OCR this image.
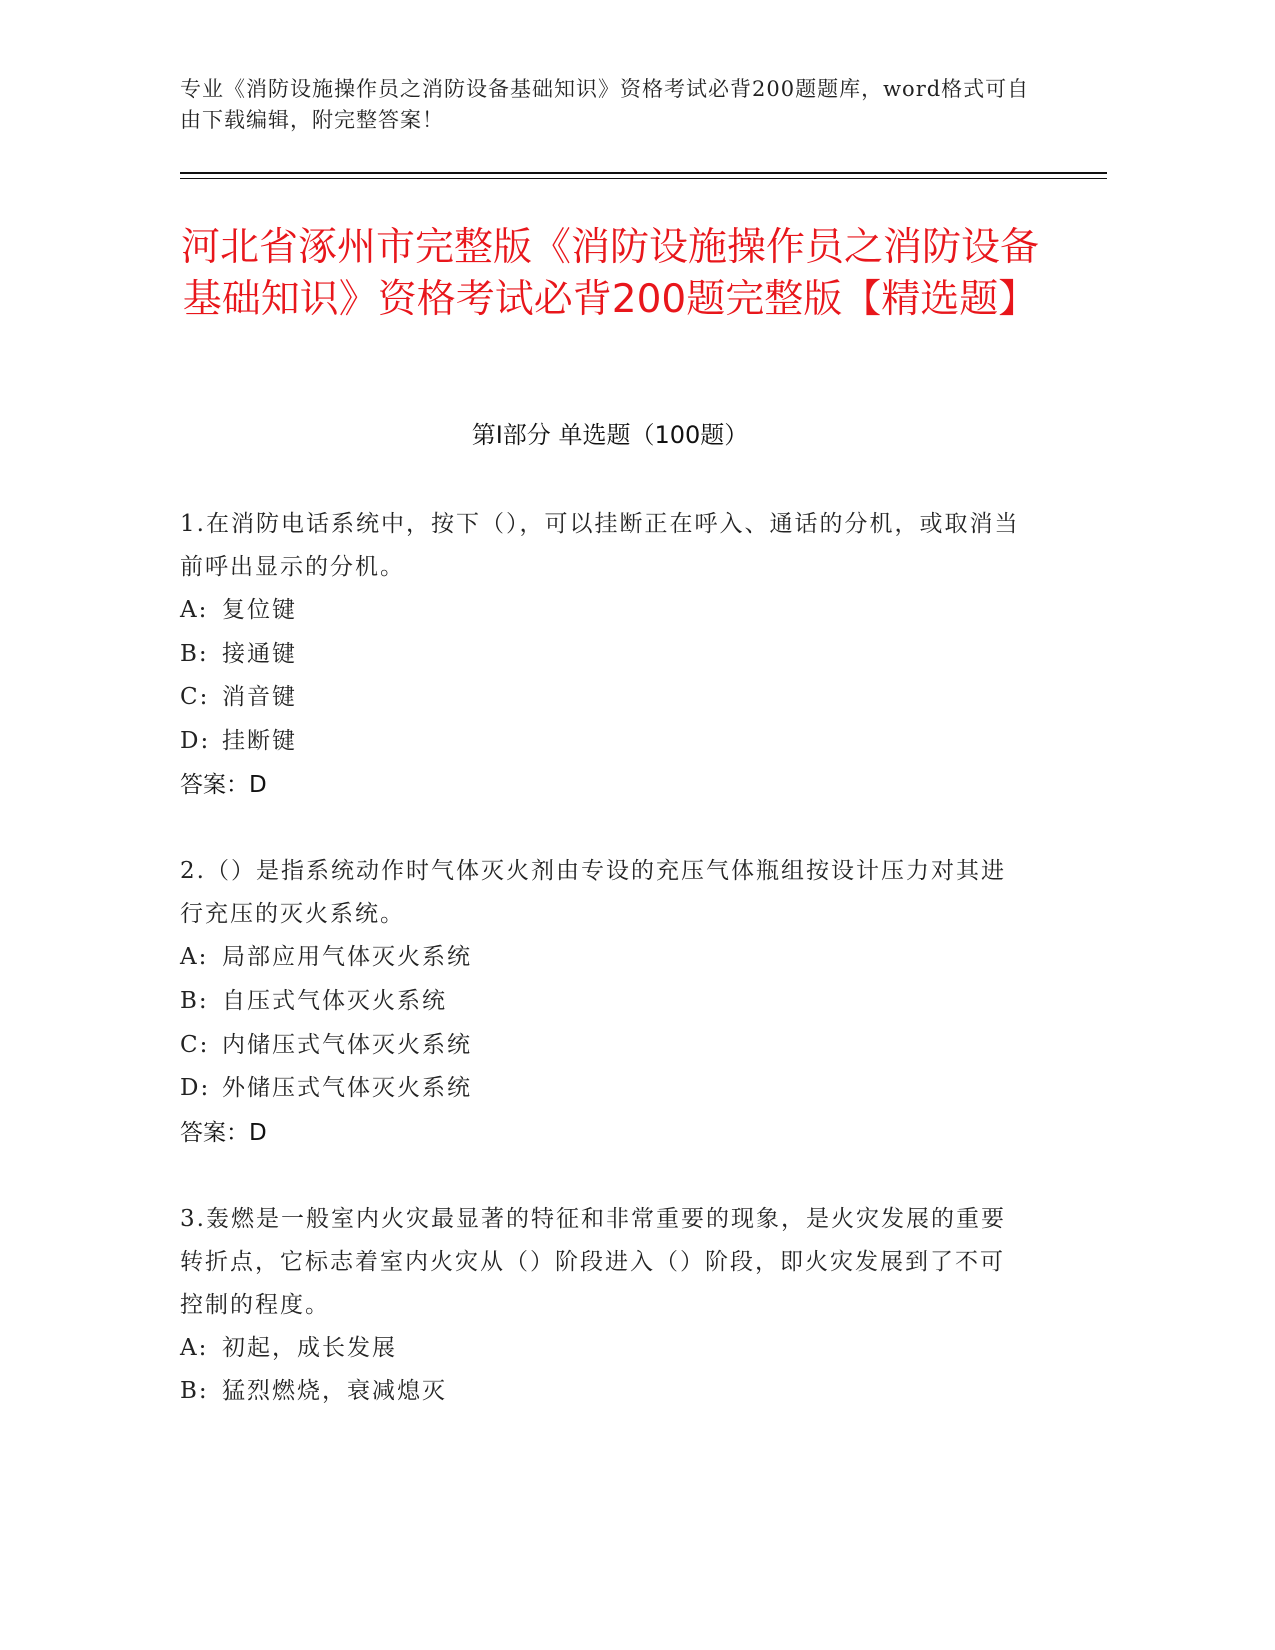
专业《消防设施操作员之消防设备基础知识》资格考试必背200题题库，word格式可自由下载编辑，附完整答案！
河北省涿州市完整版《消防设施操作员之消防设备基础知识》资格考试必背200题完整版【精选题】
第Ⅰ部分 单选题（100题）
1.在消防电话系统中，按下（），可以挂断正在呼入、通话的分机，或取消当前呼出显示的分机。
A: 复位键
B: 接通键
C: 消音键
D: 挂断键
答案：D
2.（）是指系统动作时气体灭火剂由专设的充压气体瓶组按设计压力对其进行充压的灭火系统。
A: 局部应用气体灭火系统
B: 自压式气体灭火系统
C: 内储压式气体灭火系统
D: 外储压式气体灭火系统
答案：D
3.轰燃是一般室内火灾最显著的特征和非常重要的现象，是火灾发展的重要转折点，它标志着室内火灾从（）阶段进入（）阶段，即火灾发展到了不可控制的程度。
A: 初起，成长发展
B: 猛烈燃烧，衰减熄灭
